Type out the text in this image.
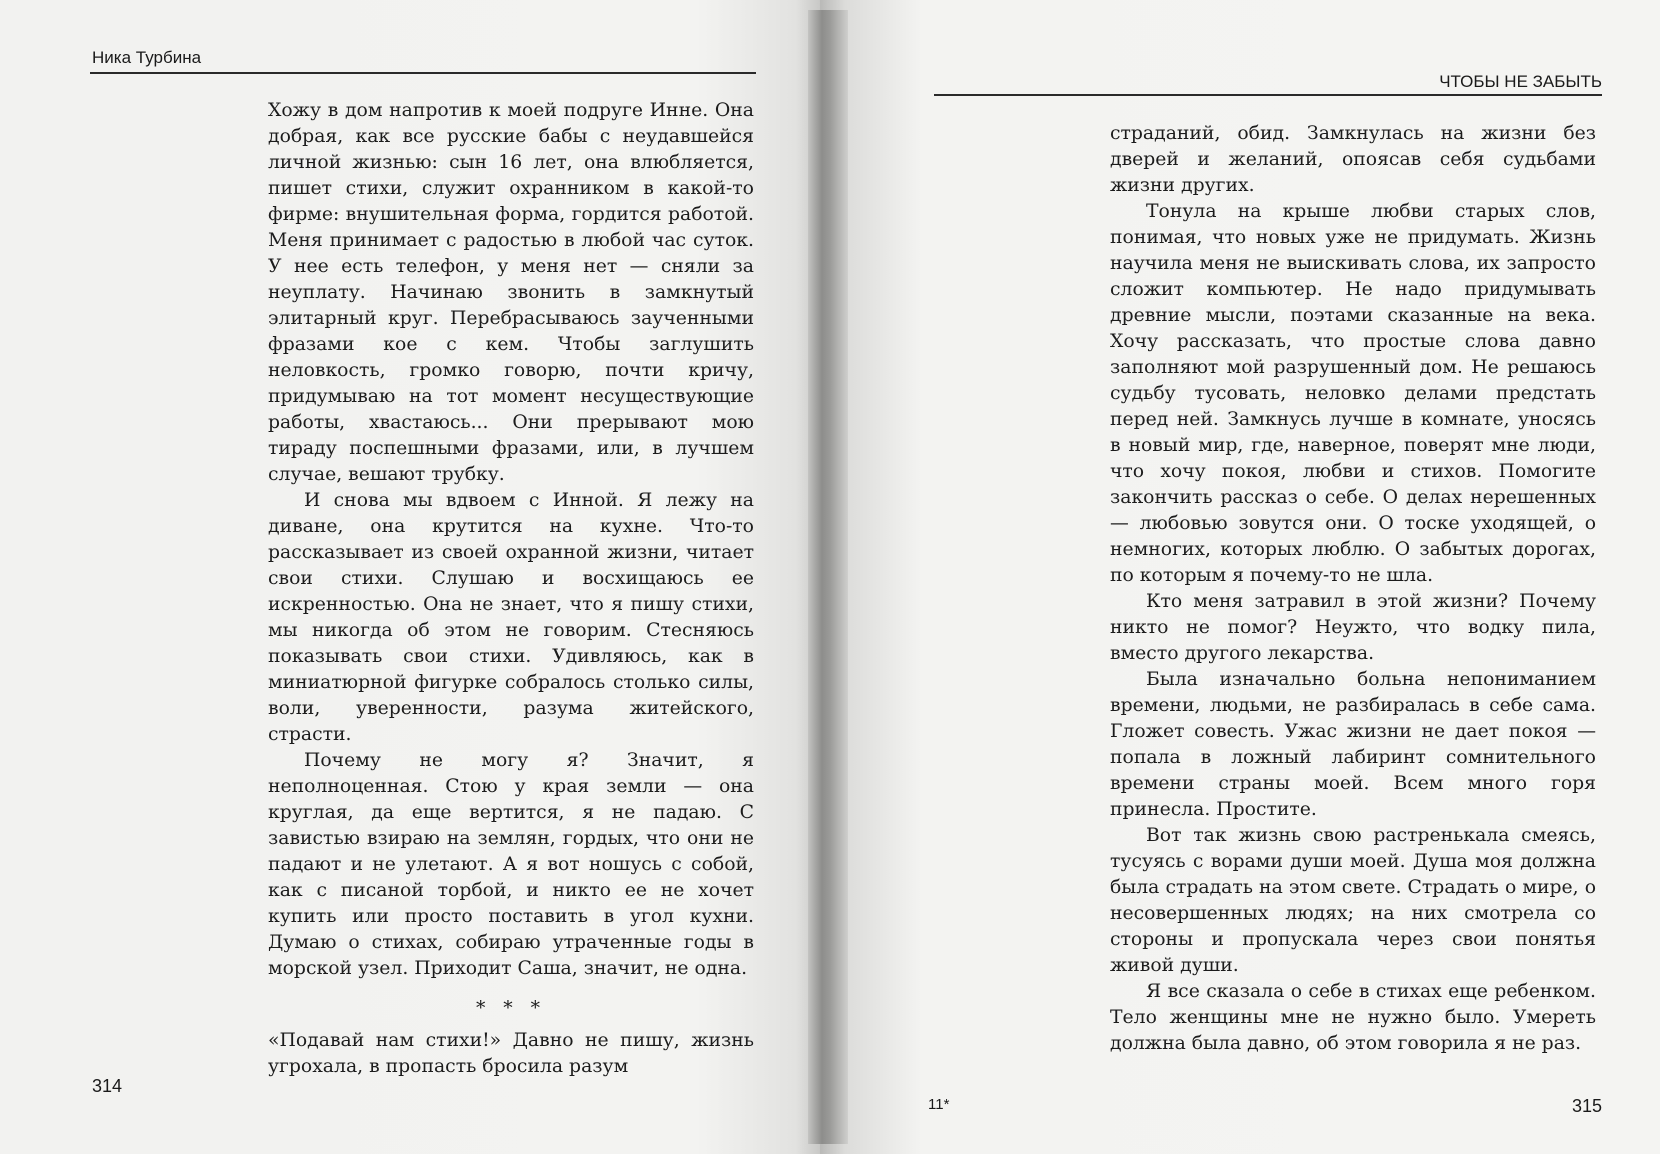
Ника Турбина

Хожу в дом напротив к моей подруге Инне. Она добрая, как все русские бабы с неудавшейся личной жизнью: сын 16 лет, она влюбляется, пишет стихи, служит охранником в какой-то фирме: внушительная форма, гордится работой. Меня принимает с радостью в любой час суток. У нее есть телефон, у меня нет — сняли за неуплату. Начинаю звонить в замкнутый элитарный круг. Перебрасываюсь заученными фразами кое с кем. Чтобы заглушить неловкость, громко говорю, почти кричу, придумываю на тот момент несуществующие работы, хвастаюсь... Они прерывают мою тираду поспешными фразами, или, в лучшем случае, вешают трубку.

И снова мы вдвоем с Инной. Я лежу на диване, она крутится на кухне. Что-то рассказывает из своей охранной жизни, читает свои стихи. Слушаю и восхищаюсь ее искренностью. Она не знает, что я пишу стихи, мы никогда об этом не говорим. Стесняюсь показывать свои стихи. Удивляюсь, как в миниатюрной фигурке собралось столько силы, воли, уверенности, разума житейского, страсти.

Почему не могу я? Значит, я неполноценная. Стою у края земли — она круглая, да еще вертится, я не падаю. С завистью взираю на землян, гордых, что они не падают и не улетают. А я вот ношусь с собой, как с писаной торбой, и никто ее не хочет купить или просто поставить в угол кухни. Думаю о стихах, собираю утраченные годы в морской узел. Приходит Саша, значит, не одна.

* * *

«Подавай нам стихи!» Давно не пишу, жизнь угрохала, в пропасть бросила разум

314
ЧТОБЫ НЕ ЗАБЫТЬ

страданий, обид. Замкнулась на жизни без дверей и желаний, опоясав себя судьбами жизни других.

Тонула на крыше любви старых слов, понимая, что новых уже не придумать. Жизнь научила меня не выискивать слова, их запросто сложит компьютер. Не надо придумывать древние мысли, поэтами сказанные на века. Хочу рассказать, что простые слова давно заполняют мой разрушенный дом. Не решаюсь судьбу тусовать, неловко делами предстать перед ней. Замкнусь лучше в комнате, уносясь в новый мир, где, наверное, поверят мне люди, что хочу покоя, любви и стихов. Помогите закончить рассказ о себе. О делах нерешенных — любовью зовутся они. О тоске уходящей, о немногих, которых люблю. О забытых дорогах, по которым я почему-то не шла.

Кто меня затравил в этой жизни? Почему никто не помог? Неужто, что водку пила, вместо другого лекарства.

Была изначально больна непониманием времени, людьми, не разбиралась в себе сама. Гложет совесть. Ужас жизни не дает покоя — попала в ложный лабиринт сомнительного времени страны моей. Всем много горя принесла. Простите.

Вот так жизнь свою растренькала смеясь, тусуясь с ворами души моей. Душа моя должна была страдать на этом свете. Страдать о мире, о несовершенных людях; на них смотрела со стороны и пропускала через свои понятья живой души.

Я все сказала о себе в стихах еще ребенком. Тело женщины мне не нужно было. Умереть должна была давно, об этом говорила я не раз.

11*	315
